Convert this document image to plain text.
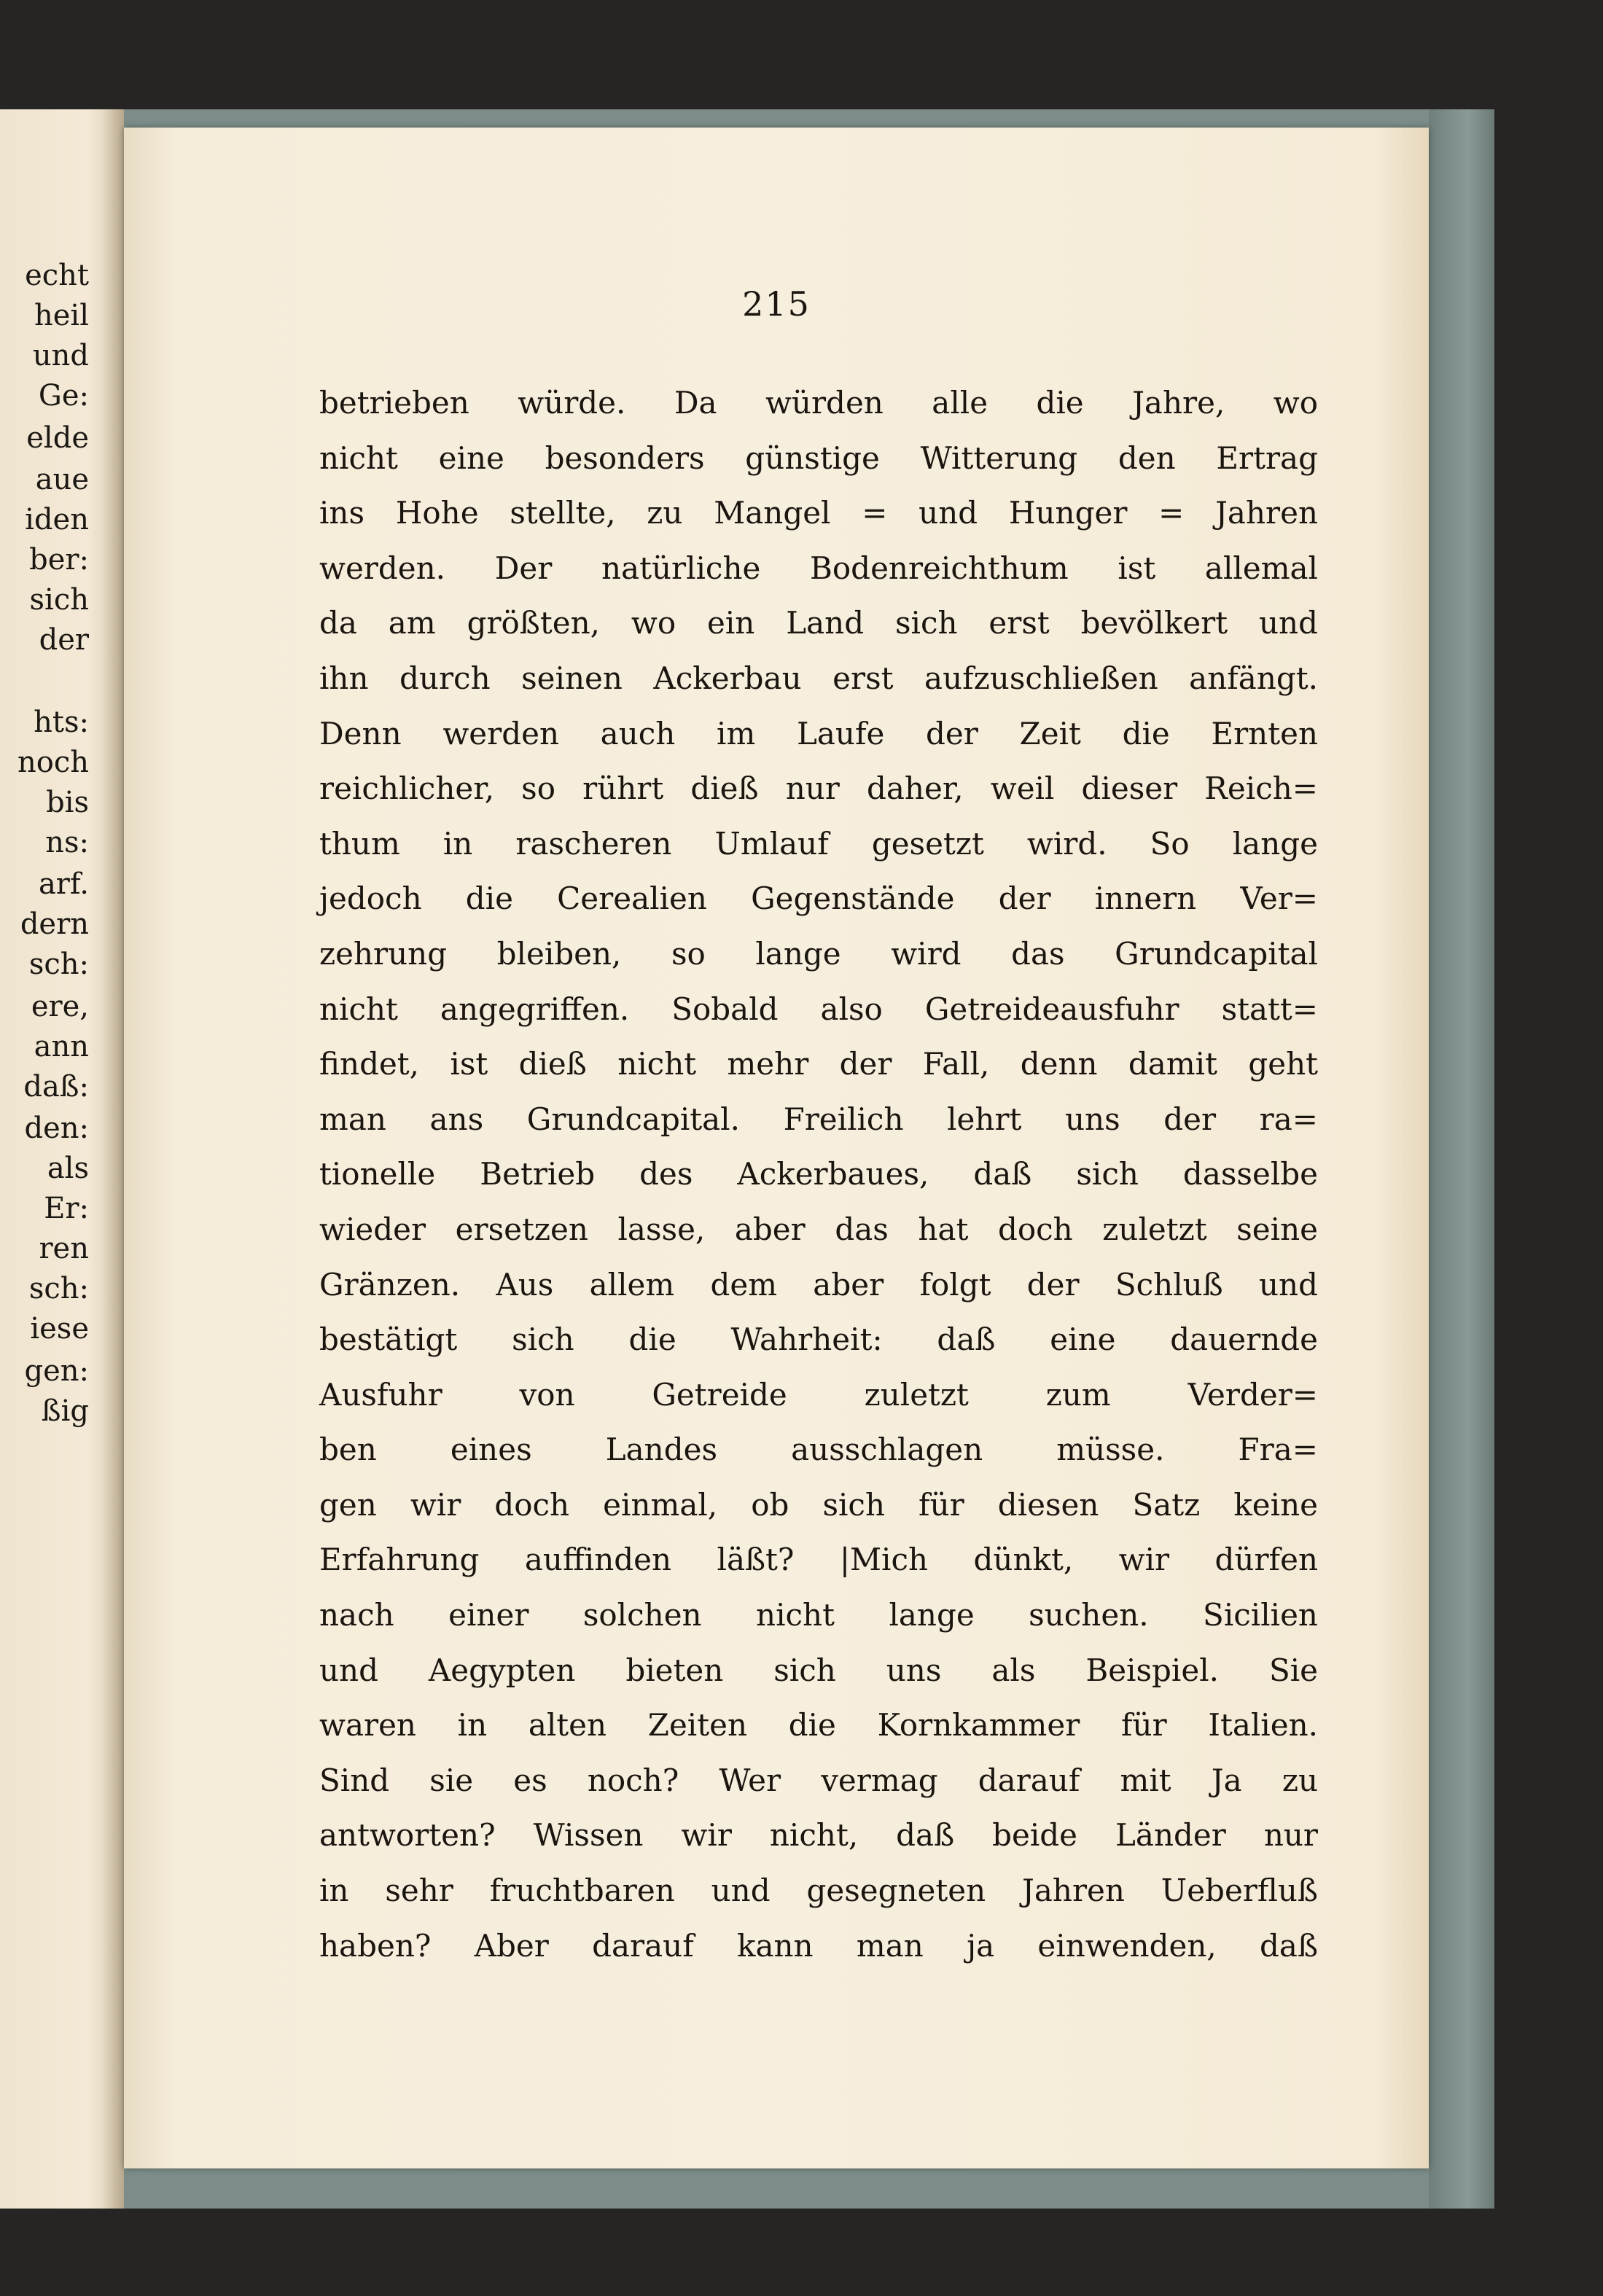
echt
heil
und
Ge:
elde
aue
iden
ber:
sich
der
hts:
noch
bis
ns:
arf.
dern
sch:
ere,
ann
daß:
den:
als
Er:
ren
sch:
iese
gen:
ßig
215
betrieben würde. Da würden alle die Jahre, wo
nicht eine besonders günstige Witterung den Ertrag
ins Hohe stellte, zu Mangel = und Hunger = Jahren
werden. Der natürliche Bodenreichthum ist allemal
da am größten, wo ein Land sich erst bevölkert und
ihn durch seinen Ackerbau erst aufzuschließen anfängt.
Denn werden auch im Laufe der Zeit die Ernten
reichlicher, so rührt dieß nur daher, weil dieser Reich=
thum in rascheren Umlauf gesetzt wird. So lange
jedoch die Cerealien Gegenstände der innern Ver=
zehrung bleiben, so lange wird das Grundcapital
nicht angegriffen. Sobald also Getreideausfuhr statt=
findet, ist dieß nicht mehr der Fall, denn damit geht
man ans Grundcapital. Freilich lehrt uns der ra=
tionelle Betrieb des Ackerbaues, daß sich dasselbe
wieder ersetzen lasse, aber das hat doch zuletzt seine
Gränzen. Aus allem dem aber folgt der Schluß und
bestätigt sich die Wahrheit: daß eine dauernde
Ausfuhr von Getreide zuletzt zum Verder=
ben eines Landes ausschlagen müsse. Fra=
gen wir doch einmal, ob sich für diesen Satz keine
Erfahrung auffinden läßt? |Mich dünkt, wir dürfen
nach einer solchen nicht lange suchen. Sicilien
und Aegypten bieten sich uns als Beispiel. Sie
waren in alten Zeiten die Kornkammer für Italien.
Sind sie es noch? Wer vermag darauf mit Ja zu
antworten? Wissen wir nicht, daß beide Länder nur
in sehr fruchtbaren und gesegneten Jahren Ueberfluß
haben? Aber darauf kann man ja einwenden, daß
